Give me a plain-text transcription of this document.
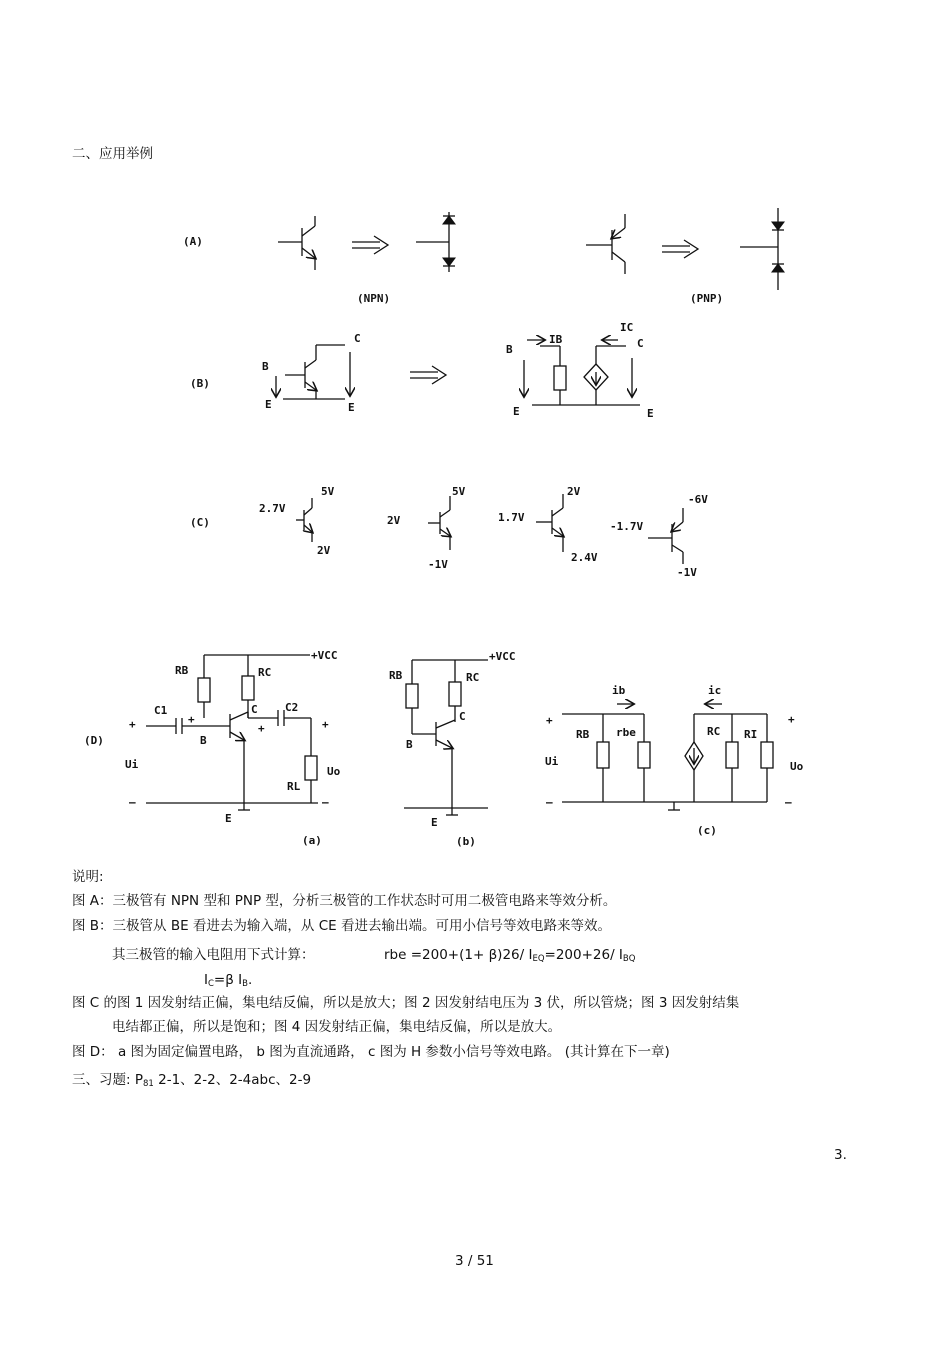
二、应用举例
(A)
(NPN)	(PNP)
(B)
B
C
E	E
B
IB
IC
C
E	E
(C)
5V
2.7V
2V
5V
2V
-1V
2V
1.7V
2.4V
-6V
-1.7V
-1V
(D)
+VCC
RB	RC
C1	C2
+
+
C
B
+	+
Ui
Uo
RL
—	—
E
(a)
+VCC
RB	RC
C
B
E
(b)
ib	ic
+	+
RB rbe	RC RI
Ui	Uo
—	—
(c)
说明:
图 A：三极管有 NPN 型和 PNP 型，分析三极管的工作状态时可用二极管电路来等效分析。
图 B：三极管从 BE 看进去为输入端，从 CE 看进去输出端。可用小信号等效电路来等效。
其三极管的输入电阻用下式计算：	rbe =200+(1+ β)26/ $I_{EQ}=200+26/$ $I_{BQ}$
$I_C=\beta$ $I_B$.
图 C 的图 1 因发射结正偏，集电结反偏，所以是放大；图 2 因发射结电压为 3 伏，所以管烧；图 3 因发射结集
电结都正偏，所以是饱和；图 4 因发射结正偏，集电结反偏，所以是放大。
图 D： a 图为固定偏置电路， b 图为直流通路， c 图为 H 参数小信号等效电路。 (其计算在下一章)
三、习题: $P_{81}$ 2-1、2-2、2-4abc、2-9
3.
3 / 51
